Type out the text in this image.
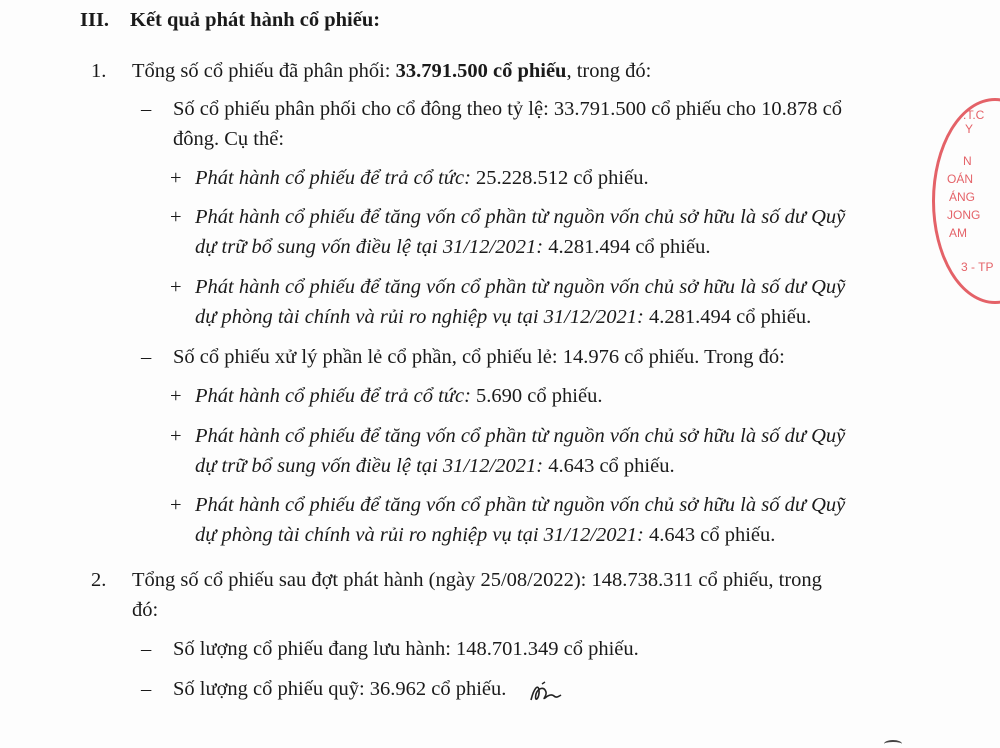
III. Kết quả phát hành cổ phiếu:
1. Tổng số cổ phiếu đã phân phối: 33.791.500 cổ phiếu, trong đó:
– Số cổ phiếu phân phối cho cổ đông theo tỷ lệ: 33.791.500 cổ phiếu cho 10.878 cổ
đông. Cụ thể:
+ Phát hành cổ phiếu để trả cổ tức: 25.228.512 cổ phiếu.
+ Phát hành cổ phiếu để tăng vốn cổ phần từ nguồn vốn chủ sở hữu là số dư Quỹ
dự trữ bổ sung vốn điều lệ tại 31/12/2021: 4.281.494 cổ phiếu.
+ Phát hành cổ phiếu để tăng vốn cổ phần từ nguồn vốn chủ sở hữu là số dư Quỹ
dự phòng tài chính và rủi ro nghiệp vụ tại 31/12/2021: 4.281.494 cổ phiếu.
– Số cổ phiếu xử lý phần lẻ cổ phần, cổ phiếu lẻ: 14.976 cổ phiếu. Trong đó:
+ Phát hành cổ phiếu để trả cổ tức: 5.690 cổ phiếu.
+ Phát hành cổ phiếu để tăng vốn cổ phần từ nguồn vốn chủ sở hữu là số dư Quỹ
dự trữ bổ sung vốn điều lệ tại 31/12/2021: 4.643 cổ phiếu.
+ Phát hành cổ phiếu để tăng vốn cổ phần từ nguồn vốn chủ sở hữu là số dư Quỹ
dự phòng tài chính và rủi ro nghiệp vụ tại 31/12/2021: 4.643 cổ phiếu.
2. Tổng số cổ phiếu sau đợt phát hành (ngày 25/08/2022): 148.738.311 cổ phiếu, trong
đó:
– Số lượng cổ phiếu đang lưu hành: 148.701.349 cổ phiếu.
– Số lượng cổ phiếu quỹ: 36.962 cổ phiếu.
.T.C
Y
N
OÁN
ÁNG
JONG
AM
3 - TP
